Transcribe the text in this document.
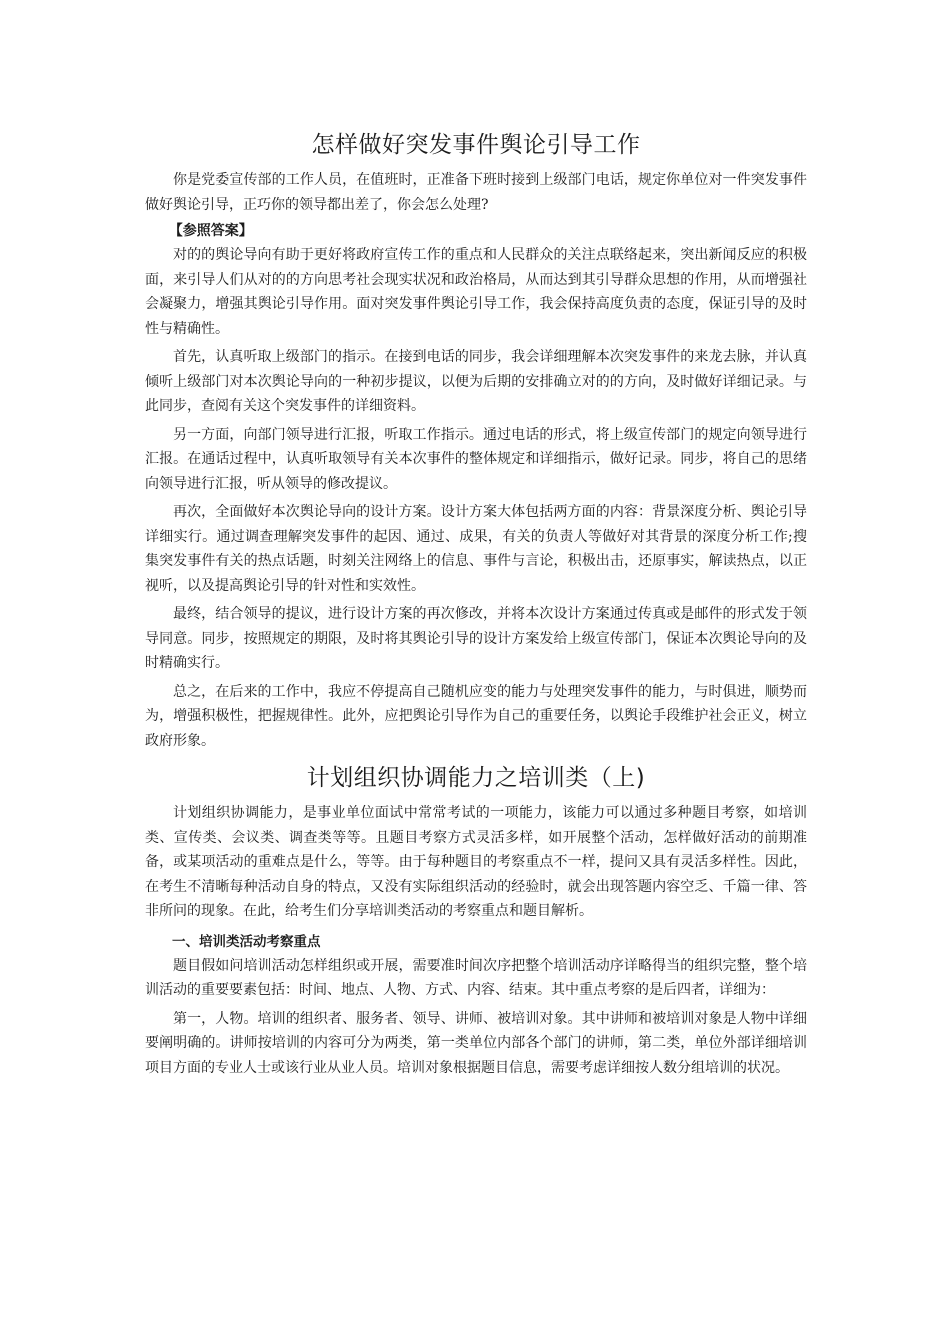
怎样做好突发事件舆论引导工作

你是党委宣传部的工作人员，在值班时，正准备下班时接到上级部门电话，规定你单位对一件突发事件做好舆论引导，正巧你的领导都出差了，你会怎么处理?

【参照答案】

对的的舆论导向有助于更好将政府宣传工作的重点和人民群众的关注点联络起来，突出新闻反应的积极面，来引导人们从对的的方向思考社会现实状况和政治格局，从而达到其引导群众思想的作用，从而增强社会凝聚力，增强其舆论引导作用。面对突发事件舆论引导工作，我会保持高度负责的态度，保证引导的及时性与精确性。

首先，认真听取上级部门的指示。在接到电话的同步，我会详细理解本次突发事件的来龙去脉，并认真倾听上级部门对本次舆论导向的一种初步提议，以便为后期的安排确立对的的方向，及时做好详细记录。与此同步，查阅有关这个突发事件的详细资料。

另一方面，向部门领导进行汇报，听取工作指示。通过电话的形式，将上级宣传部门的规定向领导进行汇报。在通话过程中，认真听取领导有关本次事件的整体规定和详细指示，做好记录。同步，将自己的思绪向领导进行汇报，听从领导的修改提议。

再次，全面做好本次舆论导向的设计方案。设计方案大体包括两方面的内容：背景深度分析、舆论引导详细实行。通过调查理解突发事件的起因、通过、成果，有关的负责人等做好对其背景的深度分析工作;搜集突发事件有关的热点话题，时刻关注网络上的信息、事件与言论，积极出击，还原事实，解读热点，以正视听，以及提高舆论引导的针对性和实效性。

最终，结合领导的提议，进行设计方案的再次修改，并将本次设计方案通过传真或是邮件的形式发于领导同意。同步，按照规定的期限，及时将其舆论引导的设计方案发给上级宣传部门，保证本次舆论导向的及时精确实行。

总之，在后来的工作中，我应不停提高自己随机应变的能力与处理突发事件的能力，与时俱进，顺势而为，增强积极性，把握规律性。此外，应把舆论引导作为自己的重要任务，以舆论手段维护社会正义，树立政府形象。

计划组织协调能力之培训类（上)

计划组织协调能力，是事业单位面试中常常考试的一项能力，该能力可以通过多种题目考察，如培训类、宣传类、会议类、调查类等等。且题目考察方式灵活多样，如开展整个活动，怎样做好活动的前期准备，或某项活动的重难点是什么，等等。由于每种题目的考察重点不一样，提问又具有灵活多样性。因此，在考生不清晰每种活动自身的特点，又没有实际组织活动的经验时，就会出现答题内容空乏、千篇一律、答非所问的现象。在此，给考生们分享培训类活动的考察重点和题目解析。

一、培训类活动考察重点

题目假如问培训活动怎样组织或开展，需要准时间次序把整个培训活动序详略得当的组织完整，整个培训活动的重要要素包括：时间、地点、人物、方式、内容、结束。其中重点考察的是后四者，详细为：

第一，人物。培训的组织者、服务者、领导、讲师、被培训对象。其中讲师和被培训对象是人物中详细要阐明确的。讲师按培训的内容可分为两类，第一类单位内部各个部门的讲师，第二类，单位外部详细培训项目方面的专业人士或该行业从业人员。培训对象根据题目信息，需要考虑详细按人数分组培训的状况。
